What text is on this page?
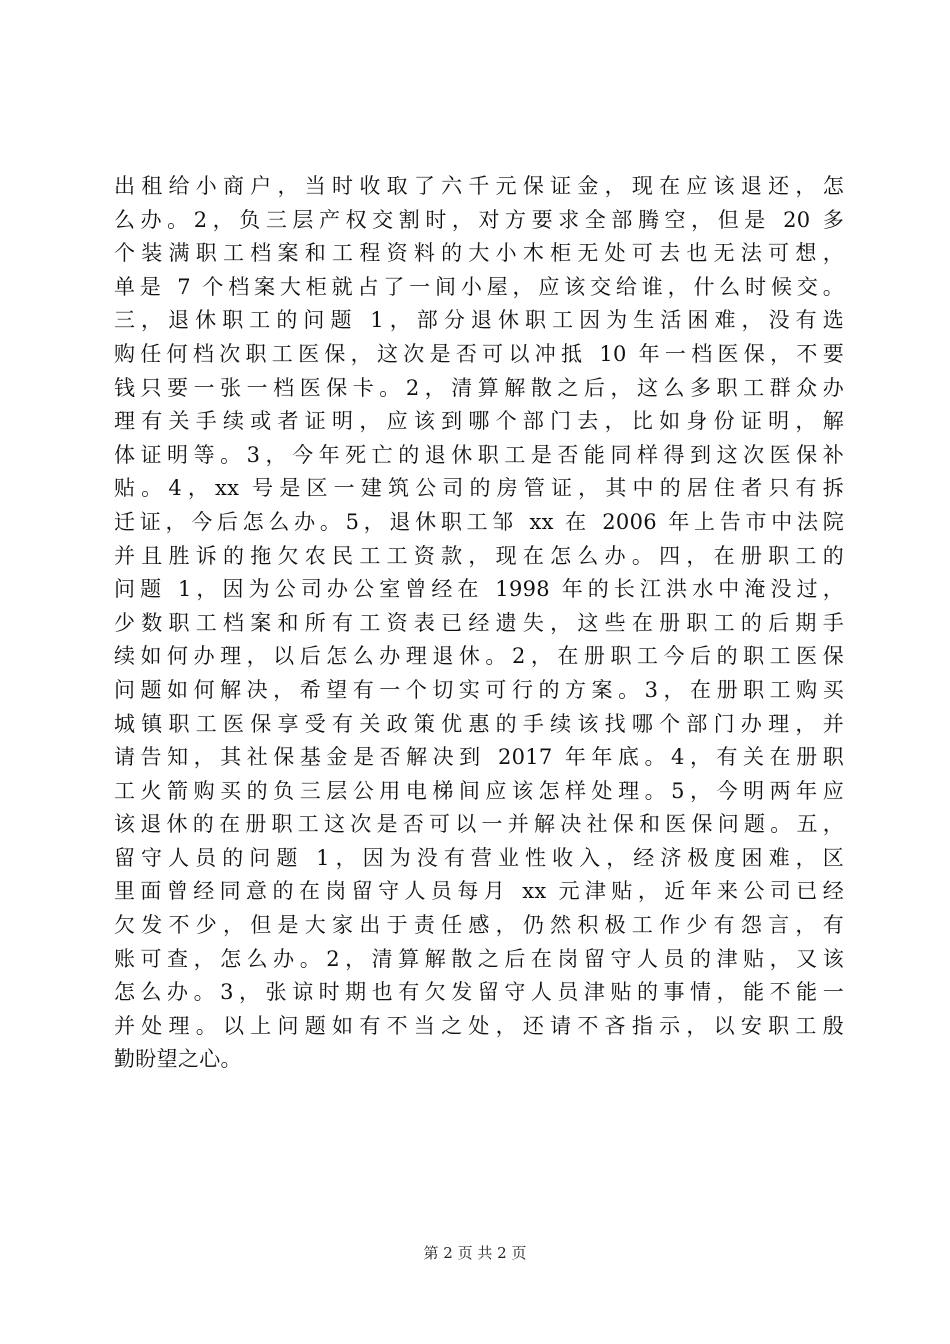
出租给小商户，当时收取了六千元保证金，现在应该退还，怎
么办。2，负三层产权交割时，对方要求全部腾空，但是 20 多
个装满职工档案和工程资料的大小木柜无处可去也无法可想，
单是 7 个档案大柜就占了一间小屋，应该交给谁，什么时候交。
三，退休职工的问题 1，部分退休职工因为生活困难，没有选
购任何档次职工医保，这次是否可以冲抵 10 年一档医保，不要
钱只要一张一档医保卡。2，清算解散之后，这么多职工群众办
理有关手续或者证明，应该到哪个部门去，比如身份证明，解
体证明等。3，今年死亡的退休职工是否能同样得到这次医保补
贴。4，xx 号是区一建筑公司的房管证，其中的居住者只有拆
迁证，今后怎么办。5，退休职工邹 xx 在 2006 年上告市中法院
并且胜诉的拖欠农民工工资款，现在怎么办。四，在册职工的
问题 1，因为公司办公室曾经在 1998 年的长江洪水中淹没过，
少数职工档案和所有工资表已经遗失，这些在册职工的后期手
续如何办理，以后怎么办理退休。2，在册职工今后的职工医保
问题如何解决，希望有一个切实可行的方案。3，在册职工购买
城镇职工医保享受有关政策优惠的手续该找哪个部门办理，并
请告知，其社保基金是否解决到 2017 年年底。4，有关在册职
工火箭购买的负三层公用电梯间应该怎样处理。5，今明两年应
该退休的在册职工这次是否可以一并解决社保和医保问题。五，
留守人员的问题 1，因为没有营业性收入，经济极度困难，区
里面曾经同意的在岗留守人员每月 xx 元津贴，近年来公司已经
欠发不少，但是大家出于责任感，仍然积极工作少有怨言，有
账可查，怎么办。2，清算解散之后在岗留守人员的津贴，又该
怎么办。3，张谅时期也有欠发留守人员津贴的事情，能不能一
并处理。以上问题如有不当之处，还请不吝指示，以安职工殷
勤盼望之心。
第 2 页 共 2 页
